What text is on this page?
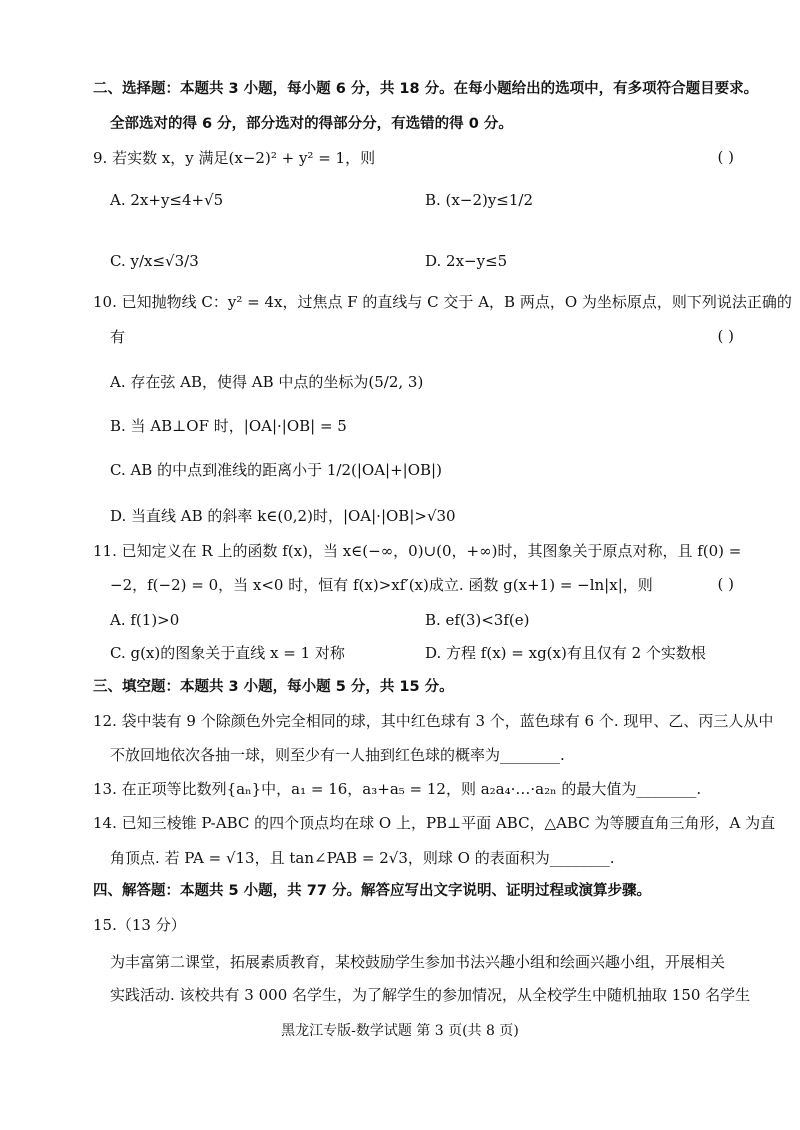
二、选择题：本题共 3 小题，每小题 6 分，共 18 分。在每小题给出的选项中，有多项符合题目要求。
全部选对的得 6 分，部分选对的得部分分，有选错的得 0 分。
9. 若实数 x，y 满足(x−2)² + y² = 1，则	( )
A. 2x+y≤4+√5	B. (x−2)y≤1/2
C. y/x≤√3/3	D. 2x−y≤5
10. 已知抛物线 C：y² = 4x，过焦点 F 的直线与 C 交于 A，B 两点，O 为坐标原点，则下列说法正确的
有	( )
A. 存在弦 AB，使得 AB 中点的坐标为(5/2, 3)
B. 当 AB⊥OF 时，|OA|·|OB| = 5
C. AB 的中点到准线的距离小于 1/2(|OA|+|OB|)
D. 当直线 AB 的斜率 k∈(0,2)时，|OA|·|OB|>√30
11. 已知定义在 R 上的函数 f(x)，当 x∈(−∞，0)∪(0，+∞)时，其图象关于原点对称，且 f(0) =
−2，f(−2) = 0，当 x<0 时，恒有 f(x)>xf′(x)成立. 函数 g(x+1) = −ln|x|，则	( )
A. f(1)>0	B. ef(3)<3f(e)
C. g(x)的图象关于直线 x = 1 对称	D. 方程 f(x) = xg(x)有且仅有 2 个实数根
三、填空题：本题共 3 小题，每小题 5 分，共 15 分。
12. 袋中装有 9 个除颜色外完全相同的球，其中红色球有 3 个，蓝色球有 6 个. 现甲、乙、丙三人从中
不放回地依次各抽一球，则至少有一人抽到红色球的概率为________.
13. 在正项等比数列{aₙ}中，a₁ = 16，a₃+a₅ = 12，则 a₂a₄·…·a₂ₙ 的最大值为________.
14. 已知三棱锥 P-ABC 的四个顶点均在球 O 上，PB⊥平面 ABC，△ABC 为等腰直角三角形，A 为直
角顶点. 若 PA = √13，且 tan∠PAB = 2√3，则球 O 的表面积为________.
四、解答题：本题共 5 小题，共 77 分。解答应写出文字说明、证明过程或演算步骤。
15.（13 分）
为丰富第二课堂，拓展素质教育，某校鼓励学生参加书法兴趣小组和绘画兴趣小组，开展相关
实践活动. 该校共有 3 000 名学生，为了解学生的参加情况，从全校学生中随机抽取 150 名学生
黑龙江专版-数学试题 第 3 页(共 8 页)
